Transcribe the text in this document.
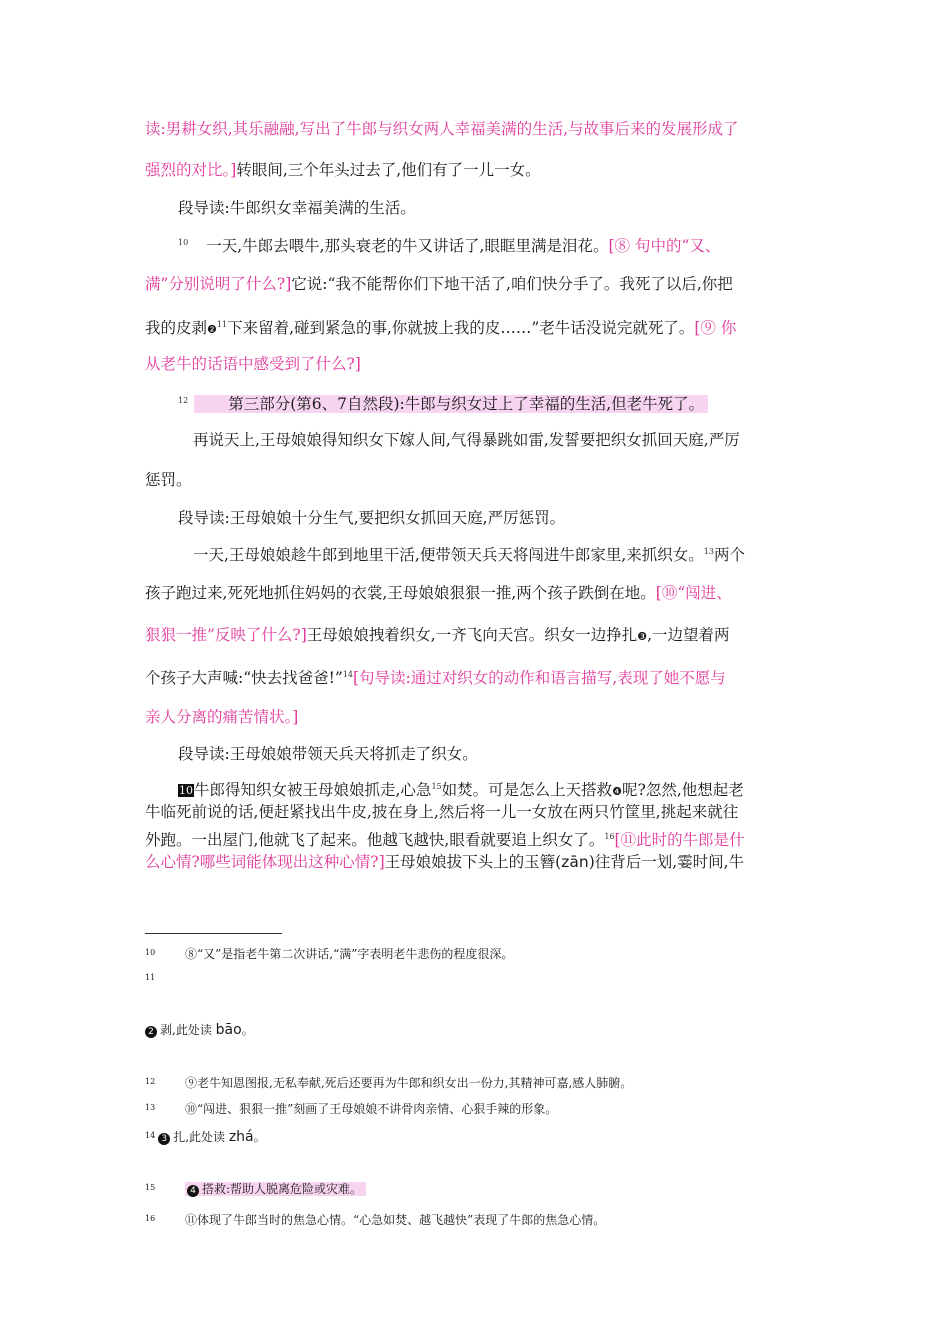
读:男耕女织,其乐融融,写出了牛郎与织女两人幸福美满的生活,与故事后来的发展形成了
强烈的对比。]转眼间,三个年头过去了,他们有了一儿一女。
段导读:牛郎织女幸福美满的生活。
$^{10}$ 一天,牛郎去喂牛,那头衰老的牛又讲话了,眼眶里满是泪花。[⑧ 句中的“又、
满”分别说明了什么?]它说:“我不能帮你们下地干活了,咱们快分手了。我死了以后,你把
我的皮剥❷$^{11}$下来留着,碰到紧急的事,你就披上我的皮……”老牛话没说完就死了。[⑨ 你
从老牛的话语中感受到了什么?]
$^{12}$	第三部分(第6、7自然段):牛郎与织女过上了幸福的生活,但老牛死了。
再说天上,王母娘娘得知织女下嫁人间,气得暴跳如雷,发誓要把织女抓回天庭,严厉
惩罚。
段导读:王母娘娘十分生气,要把织女抓回天庭,严厉惩罚。
一天,王母娘娘趁牛郎到地里干活,便带领天兵天将闯进牛郎家里,来抓织女。$^{13}$两个
孩子跑过来,死死地抓住妈妈的衣裳,王母娘娘狠狠一推,两个孩子跌倒在地。[⑩“闯进、
狠狠一推”反映了什么?]王母娘娘拽着织女,一齐飞向天宫。织女一边挣扎❸,一边望着两
个孩子大声喊:“快去找爸爸!”$^{14}$[句导读:通过对织女的动作和语言描写,表现了她不愿与
亲人分离的痛苦情状。]
段导读:王母娘娘带领天兵天将抓走了织女。
10牛郎得知织女被王母娘娘抓走,心急$^{15}$如焚。可是怎么上天搭救❹呢?忽然,他想起老
牛临死前说的话,便赶紧找出牛皮,披在身上,然后将一儿一女放在两只竹筐里,挑起来就往
外跑。一出屋门,他就飞了起来。他越飞越快,眼看就要追上织女了。$^{16}$[⑪此时的牛郎是什
么心情?哪些词能体现出这种心情?]王母娘娘拔下头上的玉簪(zān)往背后一划,霎时间,牛
10 ⑧“又”是指老牛第二次讲话,“满”字表明老牛悲伤的程度很深。
11
2 剥,此处读 bāo。
12 ⑨老牛知恩图报,无私奉献,死后还要再为牛郎和织女出一份力,其精神可嘉,感人肺腑。
13 ⑩“闯进、狠狠一推”刻画了王母娘娘不讲骨肉亲情、心狠手辣的形象。
$^{14}$ 3 扎,此处读 zhá。
15	4 搭救:帮助人脱离危险或灾难。
16 ⑪体现了牛郎当时的焦急心情。“心急如焚、越飞越快”表现了牛郎的焦急心情。
